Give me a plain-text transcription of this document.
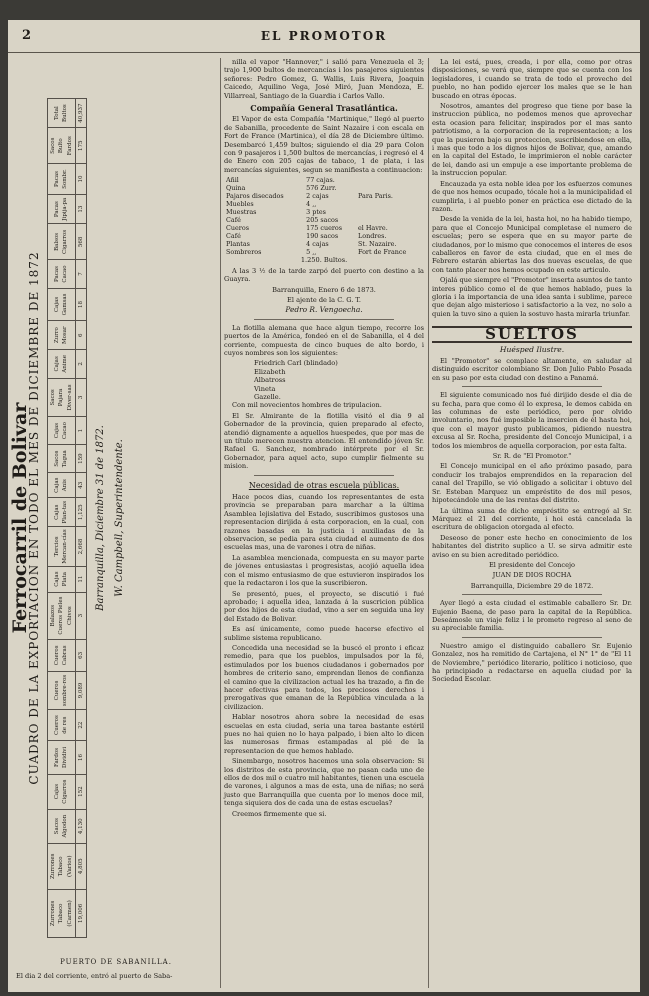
2	EL PROMOTOR
Ferrocarril de Bolivar
CUADRO DE LA EXPORTACION EN TODO EL MES DE DICIEMBRE DE 1872
Zurrones Tabaco (Carmen)	Zurrones Tabaco (Varios)	Sacos Algodon	Cajas Cigarros	Fardos Dividivi	Cueros de res	Cueros sombre-ros	Cueros Cabras	Balazos Cueros Pieles Chivos	Cajas Plata	Tercios Mercan-cías	Cajas Plan-tas	Cajas Anis	Sacos Tagua	Cajas Cacao	Sacos Pajara Diver-sas	Cajas Anime	Zurro Mosar	Cajas Gamsas	Pacas Cacao	Balsos Cigarros	Pacas Jipija-pa	Pacas Sombr.	Sacos Bulto Fardos	Total Bultos
19,006	4,805	4,130	152	16	22	9,089	63	3	11	2,668	1,125	43	159	1	3	2	6	18	7	568	13	10	175	40,937
Barranquilla, Diciembre 31 de 1872. W. Campbell, Superintendente.
PUERTO DE SABANILLA.
El dia 2 del corriente, entró al puerto de Saba-

nilla el vapor "Hannover," i salió para Venezuela el 3; trajo 1,900 bultos de mercancías i los pasajeros siguientes señores: Pedro Gomez, G. Wallis, Luis Rivera, Joaquin Caicedo, Aquilino Vega, José Miró, Juan Mendoza, E. Villarreal, Santiago de la Guardia i Carlos Vallo.

Compañía General Trasatlántica.

El Vapor de esta Compañía "Martinique," llegó al puerto de Sabanilla, procedente de Saint Nazaire i con escala en Fort de France (Martinica), el día 28 de Diciembre último. Desembarcó 1,459 bultos; siguiendo el dia 29 para Colon con 9 pasajeros i 1,500 bultos de mercancías, i regresó el 4 de Enero con 205 cajas de tabaco, 1 de plata, i las mercancías siguientes, segun se manifiesta a continuacion:

Añil	77 cajas.	
Quina	576 Zurr.	
Pajaros disecados	2 cajas	Para Paris.
Muebles	4 ,,	
Muestras	3 ptes	
Café	205 sacos	
Cueros	175 cueros	el Havre.
Café	190 sacos	Londres.
Plantas	4 cajas	St. Nazaire.
Sombreros	5 ,,	Fort de France

1.250. Bultos.

A las 3 ½ de la tarde zarpó del puerto con destino a la Guayra.

Barranquilla, Enero 6 de 1873.

El ajente de la C. G. T.

Pedro R. Vengoecha.

La flotilla alemana que hace algun tiempo, recorre los puertos de la América, fondeó en el de Sabanilla, el 4 del corriente, compuesta de cinco buques de alto bordo, i cuyos nombres son los siguientes:

Friedrich Carl (blindado)
Elizabeth
Albatross
Vineta
Gazelle.

Con mil novecientos hombres de tripulacion.

El Sr. Almirante de la flotilla visitó el dia 9 al Gobernador de la provincia, quien preparado al efecto, atendió dignamente a aquellos huespedes, que por mas de un título merecen nuestra atencion. El entendido jóven Sr. Rafael G. Sanchez, nombrado intérprete por el Sr. Gobernador, para aquel acto, supo cumplir fielmente su mision.

Necesidad de otras escuela públicas.

Hace pocos dias, cuando los representantes de esta provincia se preparaban para marchar a la última Asamblea lejislativa del Estado, suscribimos gustosos una representacion dirijida á esta corporacion, en la cual, con razones basadas en la justicia i auxiliadas de la observacion, se pedia para esta ciudad el aumento de dos escuelas mas, una de varones i otra de niñas.

La asamblea mencionada, compuesta en su mayor parte de jóvenes entusiastas i progresistas, acojió aquella idea con el mismo entusiasmo de que estuvieron inspirados los que la redactaron i los que la suscribieron.

Se presentó, pues, el proyecto, se discutió i fué aprobado; i aquella idea, lanzada á la suscricion pública por dos hijos de esta ciudad, vino a ser en seguida una ley del Estado de Bolivar.

Es así únicamente, como puede hacerse efectivo el sublime sistema republicano.

Concedida una necesidad se la buscó el pronto i eficaz remedio, para que los pueblos, impulsados por la fé, estimulados por los buenos ciudadanos i gobernados por hombres de criterio sano, emprendan llenos de confianza el camino que la civilizacion actual les ha trazado, a fin de hacer efectivas para todos, los preciosos derechos i prerogativas que emanan de la República vinculada a la civilizacion.

Hablar nosotros ahora sobre la necesidad de esas escuelas en esta ciudad, seria una tarea bastante estéril pues no hai quien no lo haya palpado, i bien alto lo dicen las numerosas firmas estampadas al pié de la representacion de que hemos hablado.

Sinembargo, nosotros hacemos una sola observacion: Si los distritos de esta provincia, que no pasan cada uno de ellos de dos mil o cuatro mil habitantes, tienen una escuela de varones, i algunos a mas de esta, una de niñas; no será justo que Barranquilla que cuenta por lo menos doce mil, tenga siquiera dos de cada una de estas escuelas?

Creemos firmemente que si.

La lei está, pues, creada, i por ella, como por otras disposiciones, se verá que, siempre que se cuenta con los legisladores, i cuando se trata de todo el provecho del pueblo, no han podido ejercer los males que se le han buscado en otras épocas.

Nosotros, amantes del progreso que tiene por base la instruccion pública, no podemos menos que aprovechar esta ocasion para felicitar, inspirados por el mas santo patriotismo, a la corporacion de la representacion; a los que la pusieron bajo su proteccion, suscribiendose en ella, i mas que todo a los dignos hijos de Bolivar, que, amando en la capital del Estado, le imprimieron el noble carácter de lei, dando asi un empuje a ese importante problema de la instruccion popular.

Encauzada ya esta noble idea por los esfuerzos comunes de que nos hemos ocupado, tócale hoi a la municipalidad el cumplirla, i al pueblo poner en práctica ese dictado de la razon.

Desde la venida de la lei, hasta hoi, no ha habido tiempo, para que el Concejo Municipal completase el numero de escuelas; pero se espera que en su mayor parte de ciudadanos, por lo mismo que conocemos el interes de esos caballeros en favor de esta ciudad, que en el mes de Febrero estarán abiertas las dos nuevas escuelas, de que con tanto placer nos hemos ocupado en este articulo.

Ojalá que siempre el "Promotor" inserta asuntos de tanto interes público como el de que hemos hablado, pues la gloria i la importancia de una idea santa i sublime, parece que dejan algo misterioso i satisfactorio a la vez, no solo a quien la tuvo sino a quien la sostuvo hasta mirarla triunfar.

SUELTOS
Huésped Ilustre.

El "Promotor" se complace altamente, en saludar al distinguido escritor colombiano Sr. Don Julio Pablo Posada en su paso por esta ciudad con destino a Panamá.

El siguiente comunicado nos fué dirijido desde el dia de su fecha, para que como él lo expresa, le demos cabida en las columnas de este periódico, pero por olvido involuntario, nos fué imposible la insercion de él hasta hoi, que con el mayor gusto publicamos, pidiendo nuestra excusa al Sr. Rocha, presidente del Concejo Municipal, i a todos los miembros de aquella corporacion, por esta falta.

Sr. R. de "El Promotor."

El Concejo municipal en el año próximo pasado, para conducir los trabajos emprendidos en la reparacion del canal del Trapillo, se vió obligado a solicitar i obtuvo del Sr. Esteban Marquez un empréstito de dos mil pesos, hipotecándole una de las rentas del distrito.

La última suma de dicho empréstito se entregó al Sr. Márquez el 21 del corriente, i hoi está cancelada la escritura de obligacion otorgada al efecto.

Deseoso de poner este hecho en conocimiento de los habitantes del distrito suplico a U. se sirva admitir este aviso en su bien acreditado periódico.

El presidente del Concejo

JUAN DE DIOS ROCHA

Barranquilla, Diciembre 29 de 1872.

Ayer llegó a esta ciudad el estimable caballero Sr. Dr. Eujenio Baena, de paso para la capital de la República. Deseámosle un viaje feliz i le prometo regreso al seno de su apreciable familia.

Nuestro amigo el distinguido caballero Sr. Eujenio Gonzalez, nos ha remitido de Cartajena, el N° 1° de "El 11 de Noviembre," periódico literario, político i noticioso, que ha principiado a redactarse en aquella ciudad por la Sociedad Escolar.
